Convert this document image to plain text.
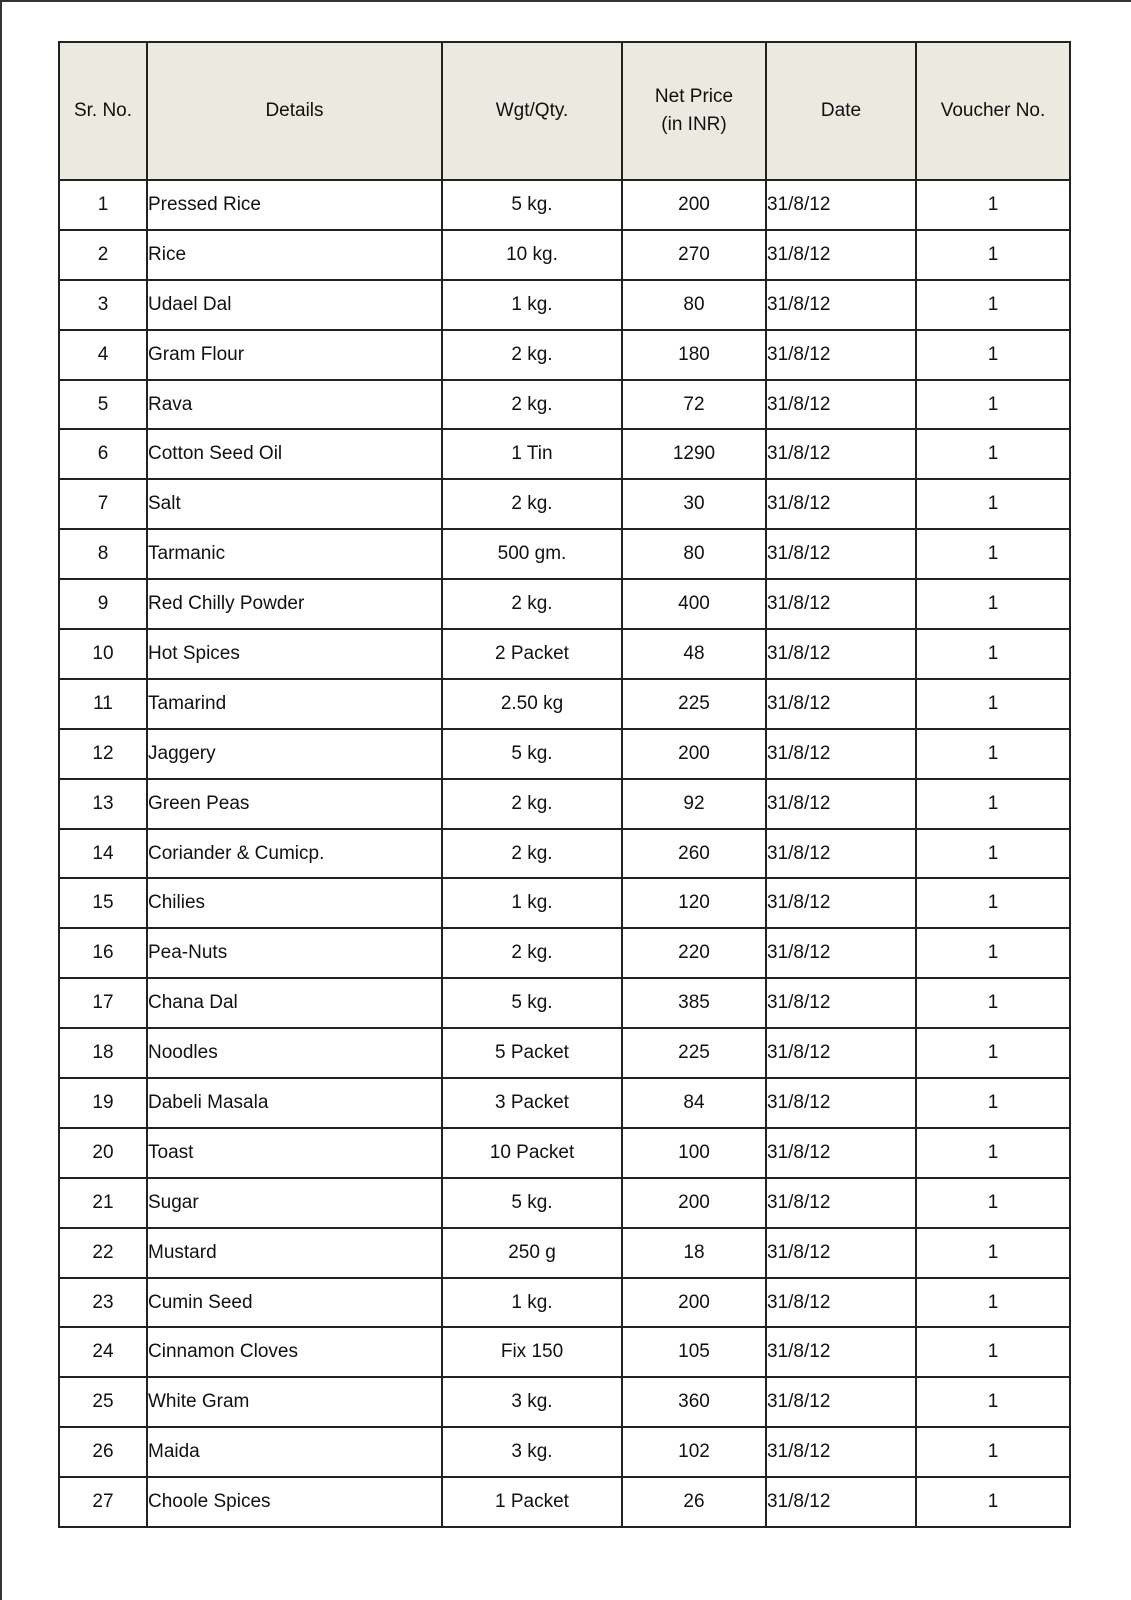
Sr. No.	Details	Wgt/Qty.	Net Price (in INR)	Date	Voucher No.
1	Pressed Rice	5 kg.	200	31/8/12	1
2	Rice	10 kg.	270	31/8/12	1
3	Udael Dal	1 kg.	80	31/8/12	1
4	Gram Flour	2 kg.	180	31/8/12	1
5	Rava	2 kg.	72	31/8/12	1
6	Cotton Seed Oil	1 Tin	1290	31/8/12	1
7	Salt	2 kg.	30	31/8/12	1
8	Tarmanic	500 gm.	80	31/8/12	1
9	Red Chilly Powder	2 kg.	400	31/8/12	1
10	Hot Spices	2 Packet	48	31/8/12	1
11	Tamarind	2.50 kg	225	31/8/12	1
12	Jaggery	5 kg.	200	31/8/12	1
13	Green Peas	2 kg.	92	31/8/12	1
14	Coriander & Cumicp.	2 kg.	260	31/8/12	1
15	Chilies	1 kg.	120	31/8/12	1
16	Pea-Nuts	2 kg.	220	31/8/12	1
17	Chana Dal	5 kg.	385	31/8/12	1
18	Noodles	5 Packet	225	31/8/12	1
19	Dabeli Masala	3 Packet	84	31/8/12	1
20	Toast	10 Packet	100	31/8/12	1
21	Sugar	5 kg.	200	31/8/12	1
22	Mustard	250 g	18	31/8/12	1
23	Cumin Seed	1 kg.	200	31/8/12	1
24	Cinnamon Cloves	Fix 150	105	31/8/12	1
25	White Gram	3 kg.	360	31/8/12	1
26	Maida	3 kg.	102	31/8/12	1
27	Choole Spices	1 Packet	26	31/8/12	1
